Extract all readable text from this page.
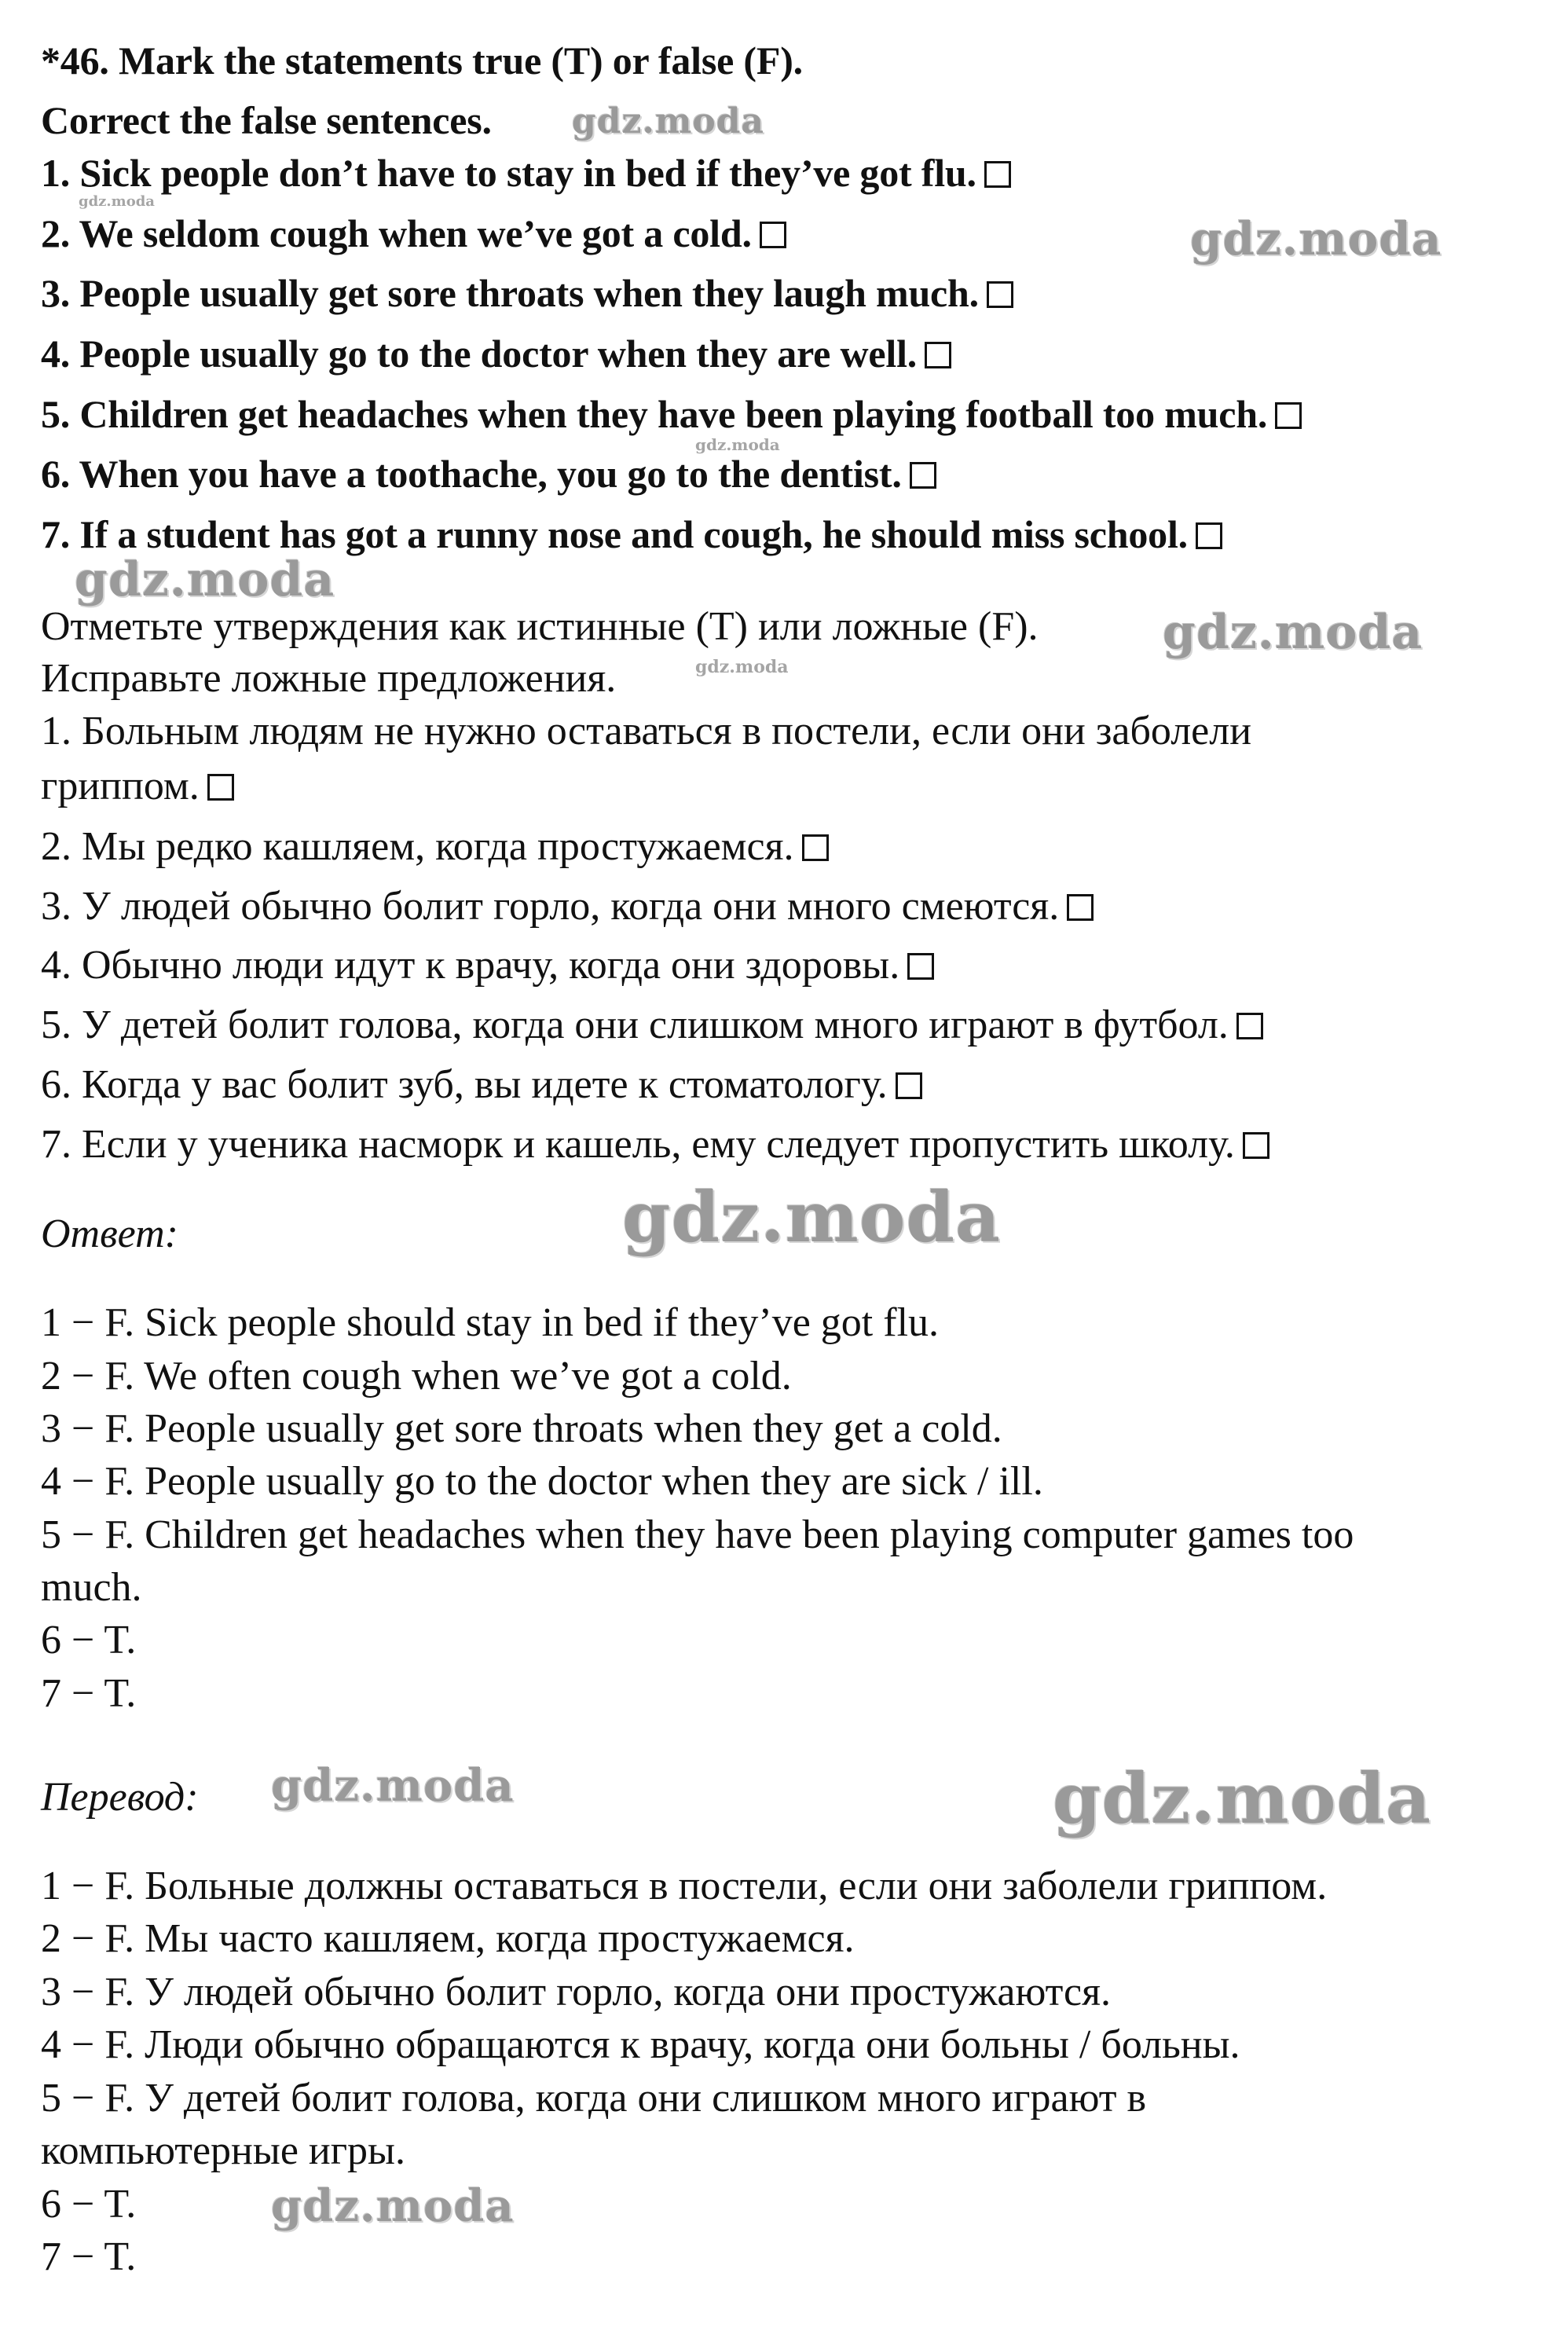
*46. Mark the statements true (T) or false (F).
Correct the false sentences.
1. Sick people don’t have to stay in bed if they’ve got flu.
2. We seldom cough when we’ve got a cold.
3. People usually get sore throats when they laugh much.
4. People usually go to the doctor when they are well.
5. Children get headaches when they have been playing football too much.
6. When you have a toothache, you go to the dentist.
7. If a student has got a runny nose and cough, he should miss school.
Отметьте утверждения как истинные (T) или ложные (F).
Исправьте ложные предложения.
1. Больным людям не нужно оставаться в постели, если они заболели
гриппом.
2. Мы редко кашляем, когда простужаемся.
3. У людей обычно болит горло, когда они много смеются.
4. Обычно люди идут к врачу, когда они здоровы.
5. У детей болит голова, когда они слишком много играют в футбол.
6. Когда у вас болит зуб, вы идете к стоматологу.
7. Если у ученика насморк и кашель, ему следует пропустить школу.
Ответ:
1 − F. Sick people should stay in bed if they’ve got flu.
2 − F. We often cough when we’ve got a cold.
3 − F. People usually get sore throats when they get a cold.
4 − F. People usually go to the doctor when they are sick / ill.
5 − F. Children get headaches when they have been playing computer games too
much.
6 − T.
7 − T.
Перевод:
1 − F. Больные должны оставаться в постели, если они заболели гриппом.
2 − F. Мы часто кашляем, когда простужаемся.
3 − F. У людей обычно болит горло, когда они простужаются.
4 − F. Люди обычно обращаются к врачу, когда они больны / больны.
5 − F. У детей болит голова, когда они слишком много играют в
компьютерные игры.
6 − T.
7 − T.
gdz.moda
gdz.moda
gdz.moda
gdz.moda
gdz.moda
gdz.moda
gdz.moda
gdz.moda
gdz.moda	gdz.moda
gdz.moda
